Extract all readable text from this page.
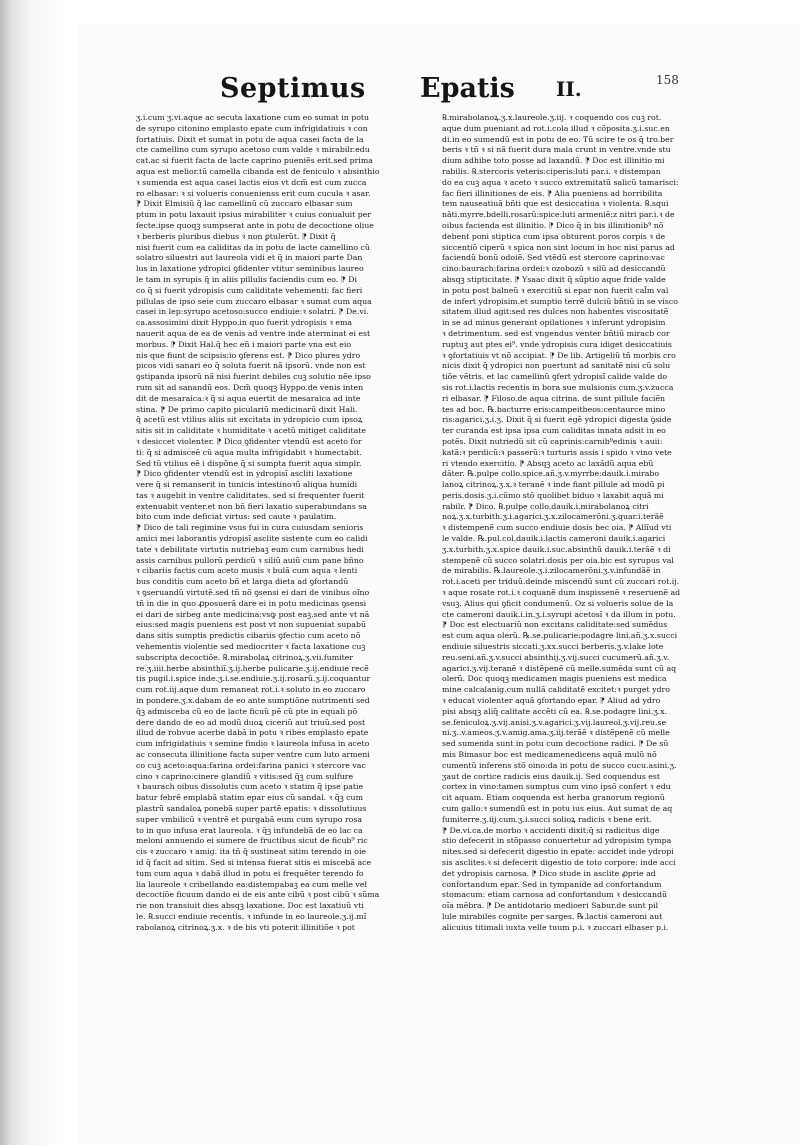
Septimus Epatis II.	158
ʒ.i.cum ʒ.vi.aque ac secuta laxatione cum eo sumat in potu
de syrupo citonino emplasto epate cum infrigidatiuis ꝛ con
fortatiuis. Dixit et sumat in potu de aqua casei facta de la
cte camellino cum syrupo acetoso cum valde ꝛ mirabilr.edu
cat.ac si fuerit facta de lacte caprino pueniẽs erit.sed prima
aqua est melior.tũ camella cibanda est de feniculo ꝛ absinthio
ꝛ sumenda est aqua casei lactis eius vt dcm̃ est cum zucca
ro elbasar: ꝛ si volueris conuenienss erit cum cucula ꝛ asar.
⁋ Dixit Elmisiũ q̃ lac camellinũ cũ zuccaro elbasar sum
ptum in potu laxauit ipsius mirabiliter ꝛ cuius conualuit per
fecte.ipse quoqꝫ sumpserat ante in potu de decoctione oliue
ꝛ berberis pluribus diebus ꝛ non ꝑtulerũt. ⁋ Dixit q̃
nisi fuerit cum ea caliditas da in potu de lacte camellino cũ
solatro siluestri aut laureola vidi et q̃ in maiori parte Dan
lus in laxatione ydropici ꝯfidenter vtitur seminibus laureo
le tam in syrupis q̃ in aliis pillulis faciendis cum eo. ⁋ Di
co q̃ si fuerit ydropisis cum caliditate vehementi: fac fieri
pillulas de ipso seie cum zuccaro elbasar ꝛ sumat cum aqua
casei in lep:syrupo acetoso:succo endiuie:ꝛ solatri. ⁋ De.vi.
ca.assosimini dixit Hyppo.in quo fuerit ydropisis ꝛ ema
nauerit aqua de ea de venis ad ventre inde aterminat ei est
morbus. ⁋ Dixit Hal.q̃ hec eñ i maiori parte vna est eio
nis que fiunt de scipsis:io ꝯferens est. ⁋ Dico plures ydro
picos vidi sanari eo q̃ soluta fuerit nã ipsorũ. vnde non est
ꝯstipanda ipsorũ nã nisi fuerint debiles cuꝫ solutio nẽe ipso
rum sit ad sanandũ eos. Dcm̃ quoqꝫ Hyppo.de venis inten
dit de mesaraica:ꝛ q̃ si aqua euertit de mesaraica ad inte
stina. ⁋ De primo capito piculariũ medicinarũ dixit Hali.
q̃ acetũ est vtilius aliis sit excitata in ydropicio cum ipsoꝝ
sitis sit in caliditate ꝛ humiditate ꝛ acetũ mitiget caliditate
ꝛ desiccet violenter. ⁋ Dico ꝯfidenter vtendũ est aceto for
ti: q̃ si admisceẽ cũ aqua multa infrigidabit ꝛ humectabit.
Sed tũ vtilius eẽ i dispõne q̃ si sumpta fuerit aqua simplr.
⁋ Dico ꝯfidenter vtendũ est in ydropisĩ ascliti laxatione
vere q̃ si remanserit in tunicis intestinoꝛũ aliqua humidi
tas ꝛ augebit in ventre caliditates. sed si frequenter fuerit
extenuabit venter.et non bñ fieri laxatio superabundans sa
bito cum inde deficiat virtus: sed caute ꝛ paulatim.
⁋ Dico de tali regimine vsus fui in cura cuiusdam senioris
amici mei laborantis ydropisĩ asclite sistente cum eo calidi
tate ꝛ debilitate virtutis nutriebaꝫ eum cum carnibus hedi
assis carnibus pullorũ perdicũ ꝛ siliũ auiũ cum pane bñno
ꝛ cibariis factis cum aceto musis ꝛ bulã cum aqua ꝛ lenti
bus conditis cum aceto bñ et larga dieta ad ꝯfortandũ
ꝛ ꝯseruandũ virtutẽ.sed tñ nõ ꝯsensi ei dari de vinibus oĩno
tñ in die in quo ꝓposuerã dare ei in potu medicinas ꝯsensi
ei dari de sirbeg ante medicina:vsꝙ post eaꝫ.sed ante vt nã
eius:sed magis pueniens est post vt non supueniat supabũ
dans sitis sumptis predictis cibariis ꝯfectio cum aceto nõ
vehementis violentie sed mediocriter ꝛ facta laxatione cuꝫ
subscripta decoctiõe. ℞.mirabolaꝝ citrinoꝝ.ʒ.vii.fumiter
re.ʒ.iiii.herbe absinthiĩ.ʒ.ij.herbe pulicarie.ʒ.ij.endiuie recẽ
tis pugil.i.spice inde.ʒ.i.se.endiuie.ʒ.ij.rosarũ.ʒ.ij.coquantur
cum rot.iij.aque dum remaneat rot.i.ꝛ soluto in eo zuccaro
in pondere.ʒ.x.dabam de eo ante sumptiõne nutrimenti sed
q̃ꝫ admisceba cũ eo de lacte ficuũ pẽ cũ pte in equali põ
dere dando de eo ad modũ duoꝝ ciceriũ aut triuũ.sed post
illud de robvue acerbe dabã in potu ꝛ ribes emplasto epate
cum infrigidatiuis ꝛ semine findio ꝛ laureola infusa in aceto
ac consecuta illinitione facta super ventre cum luto armeni
co cuꝫ aceto:aqua:farina ordei:farina panici ꝛ stercore vac
cino ꝛ caprino:cinere glandiũ ꝛ vitis:sed q̃ꝫ cum sulfure
ꝛ baurach oibus dissolutis cum aceto ꝛ statim q̃ ipse patie
batur febrẽ emplabã statim epar eius cũ sandal. ꝛ q̃ꝫ cum
plastrũ sandaloꝝ ponebã super partẽ epatis: ꝛ dissolutiuus
super vmbilicũ ꝛ ventrẽ et purgabã eum cum syrupo rosa
to in quo infusa erat laureola. ꝛ q̃ꝫ infundebã de eo lac ca
meloni annuendo ei sumere de fructibus sicut de ficub⁹ ric
cis ꝛ zuccaro ꝛ amig. ita tñ q̃ sustineat sitim terendo in oie
id q̃ facit ad sitim. Sed si intensa fuerat sitis ei miscebã ace
tum cum aqua ꝛ dabã illud in potu ei frequẽter terendo fo
lia laureole ꝛ cribellando ea:distempabaꝫ ea cum melle vel
decoctiõe ficuum dando ei de eis ante cibũ ꝛ post cibũ ꝛ sũma
rie non transiuit dies absqꝫ laxatione. Doc est laxatiuũ vti
le. ℞.succi endiuie recentis. ꝛ infunde in eo laureole.ʒ.ij.mĩ
rabolanoꝝ citrinoꝝ.ʒ.x. ꝛ de bis vti poterit illinitiõe ꝛ pot
℞.mirabolanoꝝ.ʒ.x.laureole.ʒ.iij. ꝛ coquendo cos cuꝫ rot.
aque dum pueniant ad rot.i.cola illud ꝛ cõposita.ʒ.i.suc.en
di.in eo sumendũ est in potu de eo. Tũ scire te os q̃ tro.ber
beris ꝛ tñ ꝛ si nã fuerit dura mala crunt in ventre.vnde stu
dium adhibe toto posse ad laxandũ. ⁋ Doc est illinitio mi
rabilis. ℞.stercoris veteris:ciperis:luti par.i. ꝛ distempan
do ea cuꝫ aqua ꝛ aceto ꝛ succo extremitatũ salicũ tamarisci:
fac fieri illinitiones de eis. ⁋ Alia pueniens ad horribilita
tem nauseatiuã bñti que est desiccatiua ꝛ violenta. ℞.squi
nãti.myrre.bdelli.rosarũ:spice:luti armeniẽ:z nitri par.i.ꝛ de
oibus facienda est illinitio. ⁋ Dico q̃ in bis illinitionib⁹ nõ
debent poni stiptica cum ipsa obturent poros corpis ꝛ de
siccentiõ ciperũ ꝛ spica non sint locum in hoc nisi parus ad
faciendũ bonũ odoiẽ. Sed vtẽdũ est stercore caprino:vac
cino:baurach:farina ordei:ꝛ ozobozũ ꝛ silũ ad desiccandũ
absqꝫ stipticitate. ⁋ Ysaac dixit q̃ sũptio aque fride valde
in potu post balneũ ꝛ exercitiũ si epar non fuerit cal̃m val
de infert ydropisim.et sumptio terrẽ dulciũ bñtiũ in se visco
sitatem illud agit:sed res dulces non habentes viscositatẽ
in se ad minus generant opilationes ꝛ inferunt ydropisim
ꝛ detrimentum. sed est vngendus venter bñtiũ miracb cor
ruptuꝫ aut ptes ei⁹. vnde ydropisis cura idiget desiccatiuis
ꝛ ꝯfortatiuis vt nõ accipiat. ⁋ De lib. Artigeliũ tñ morbis cro
nicis dixit q̃ ydropici non puertunt ad sanitatẽ nisi cũ solu
tiõe vẽtris. et lac camellinũ ꝯfert ydropisĩ calide valde do
sis rot.i.lactis recentis in bora sue mulsionis cum.ʒ.v.zucca
ri elbasar. ⁋ Filoso.de aqua citrina. de sunt pillule faciẽn
tes ad boc. ℞.bacturre eris:campeitbeos:centaurce mino
ris:agarici.ʒ.i.ʒ. Dixit q̃ si fuerit egẽ ydropici digesta ꝯside
ter curanda est ipsa ipsa cum caliditas innata adsit in eo
potẽs. Dixit nutriedũ sit cũ caprinis:carnib⁹edinis ꝛ auii:
katã:ꝛ perdicũ:ꝛ passerũ:ꝛ turturis assis i spido ꝛ vino vete
ri vtendo exercitio. ⁋ Absqꝫ aceto ac laxãdũ aqua ebũ
dãter. ℞.pulpe collo.spice.añ.ʒ.v.myrrbe:dauik.i.mirabo
lanoꝝ citrinoꝝ.ʒ.x.ꝛ teranẽ ꝛ inde fiant pillule ad modũ pi
peris.dosis.ʒ.i.cũmo stõ quolibet biduo ꝛ laxabit aquã mi
rabilr. ⁋ Dico. ℞.pulpe collo.dauik.i.mirabolanoꝝ citri
noꝝ.ʒ.x.turbith.ʒ.i.agarici.ʒ.x.zilocamerõni.ʒ.quar.i.terãẽ
ꝛ distempenẽ cum succo endiuie dosis bec oia. ⁋ Allĩud vti
le valde. ℞.pul.col.dauik.i.lactis cameroni dauik.i.agarici
ʒ.x.turbith.ʒ.x.spice dauik.i.suc.absinthũ dauik.i.terãẽ ꝛ di
stempenẽ cũ succo solatri.dosis per oia.bic est syrupus val
de mirabilis. ℞.laureole.ʒ.i.zilocamerõni.ʒ.v.infundãẽ in
rot.i.aceti per triduũ.deinde miscendũ sunt cũ zuccari rot.ij.
ꝛ aque rosate rot.i.ꝛ coquanẽ dum inspissenẽ ꝛ reseruenẽ ad
vsuꝫ. Alius qui ꝯficit condumenũ. Oz si volueris solue de la
cte cameroni dauik.i.in.ʒ.i.syrupi acetosĩ ꝛ da illum in potu.
⁋ Doc est electuariũ non excitans caliditate:sed sumẽdus
est cum aqua olerũ. ℞.se.pulicarie:podagre lini.añ.ʒ.x.succi
endiuie siluestris siccati.ʒ.xx.succi berberis.ʒ.v.lake lote
reu.seni.añ.ʒ.v.succi absinthij.ʒ.vij.succi cucumerũ.añ.ʒ.v.
agarici.ʒ.vij.teranẽ ꝛ distẽpenẽ cũ melle.sumẽda sunt cũ aq
olerũ. Doc quoqꝫ medicamen magis pueniens est medica
mine calcalanig.cum nullã caliditatẽ excitet:ꝛ purget ydro
ꝛ educat violenter aquã ꝯfortando epar. ⁋ Aliud ad ydro
pisi absqꝫ aliq̃ calitate accẽti cũ ea. ℞.se.podagre lini.ʒ.x.
se.feniculoꝝ.ʒ.vij.anisi.ʒ.v.agarici.ʒ.vij.laureol.ʒ.vij.reu.se
ni.ʒ..v.ameos.ʒ.v.amig.ama.ʒ.iij.terãẽ ꝛ distẽpenẽ cũ melle
sed sumenda sunt in potu cum decoctione radici. ⁋ De sũ
mis Bimasur boc est medicamenedicens aquã mulũ nõ
cumentũ inferens stõ oino:da in potu de succo cucu.asini.ʒ.
ʒaut de cortice radicis eius dauik.ij. Sed coquendus est
cortex in vino:tamen sumptus cum vino ipsõ confert ꝛ edu
cit aquam. Etiam coquenda est herba granorum regionũ
cum gallo:ꝛ sumendũ est in potu ius eius. Aut sumat de aq
fumiterre.ʒ.iij.cum.ʒ.i.succi solioꝝ radicis ꝛ bene erit.
⁋ De.vi.ca.de morbo ꝛ accidenti dixit:q̃ si radicitus dige
stio defecerit in stõpasso conuertetur ad ydropisim tympa
nites.sed si defecerit digestio in epate: accidet inde ydropi
sis asclites.ꝛ si defecerit digestio de toto corpore: inde acci
det ydropisis carnosa. ⁋ Dico stude in asclite ꝓprie ad
confortandum epar. Sed in tympanide ad confortandum
stomacum: etiam carnosa ad confortandum ꝛ desiccandũ
oĩa mẽbra. ⁋ De antidotario medioeri Sabur.de sunt pil
lule mirabiles cognite per sarges. ℞.lactis cameroni aut
alicuius titimali iuxta velle tuum p.i. ꝛ zuccari elbaser p.i.
